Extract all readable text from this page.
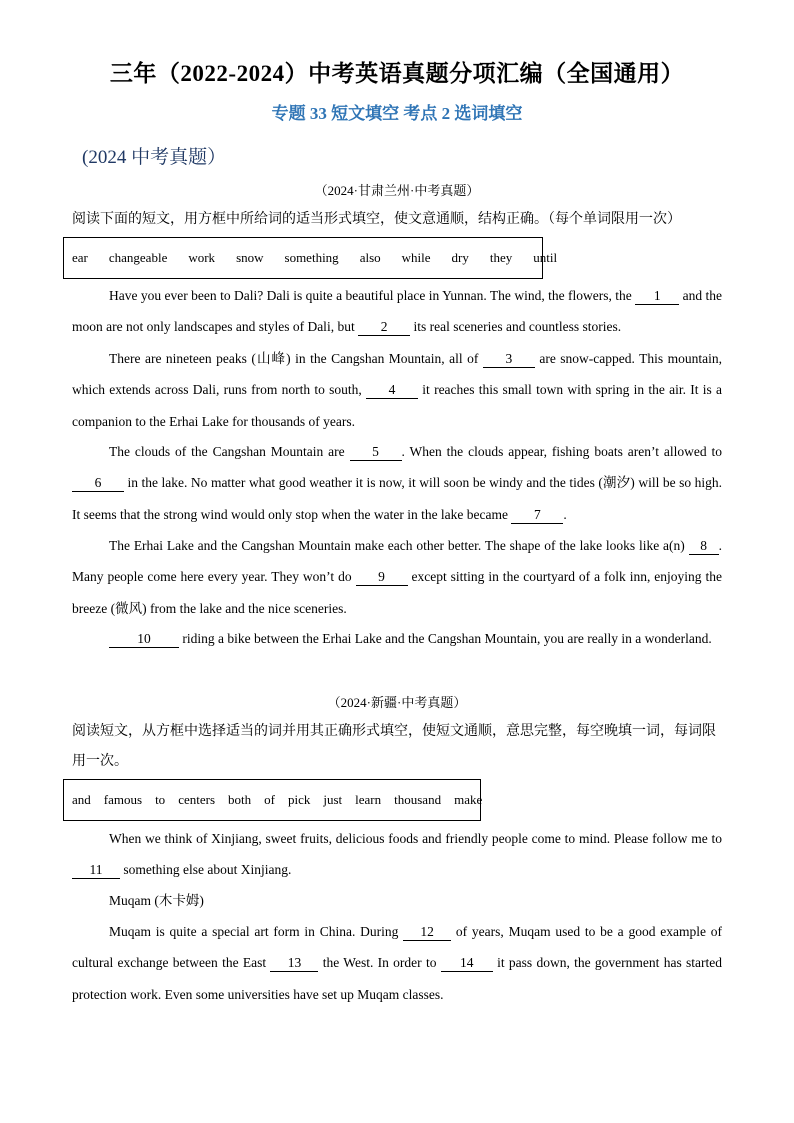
三年（2022-2024）中考英语真题分项汇编（全国通用）
专题 33 短文填空 考点 2 选词填空
(2024 中考真题）
（2024·甘肃兰州·中考真题）
阅读下面的短文，用方框中所给词的适当形式填空，使文意通顺，结构正确。（每个单词限用一次）
ear changeable work snow something also while dry they until
Have you ever been to Dali? Dali is quite a beautiful place in Yunnan. The wind, the flowers, the 1 and the moon are not only landscapes and styles of Dali, but 2 its real sceneries and countless stories.
There are nineteen peaks (山峰) in the Cangshan Mountain, all of 3 are snow-capped. This mountain, which extends across Dali, runs from north to south, 4 it reaches this small town with spring in the air. It is a companion to the Erhai Lake for thousands of years.
The clouds of the Cangshan Mountain are 5 . When the clouds appear, fishing boats aren’t allowed to 6 in the lake. No matter what good weather it is now, it will soon be windy and the tides (潮汐) will be so high. It seems that the strong wind would only stop when the water in the lake became 7 .
The Erhai Lake and the Cangshan Mountain make each other better. The shape of the lake looks like a(n) 8 . Many people come here every year. They won’t do 9 except sitting in the courtyard of a folk inn, enjoying the breeze (微风) from the lake and the nice sceneries.
10 riding a bike between the Erhai Lake and the Cangshan Mountain, you are really in a wonderland.
（2024·新疆·中考真题）
阅读短文，从方框中选择适当的词并用其正确形式填空，使短文通顺，意思完整，每空晚填一词，每词限用一次。
and famous to centers both of pick just learn thousand make
When we think of Xinjiang, sweet fruits, delicious foods and friendly people come to mind. Please follow me to 11 something else about Xinjiang.
Muqam (木卡姆)
Muqam is quite a special art form in China. During 12 of years, Muqam used to be a good example of cultural exchange between the East 13 the West. In order to 14 it pass down, the government has started protection work. Even some universities have set up Muqam classes.
